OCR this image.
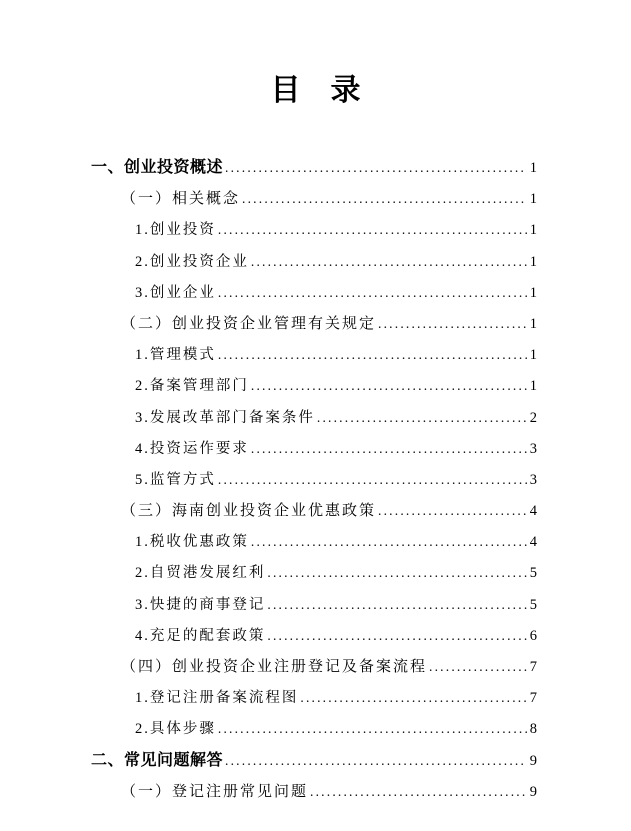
目　录
一、创业投资概述 .....	1
（一）相关概念 .....	1
1.创业投资 .....	1
2.创业投资企业 .....	1
3.创业企业 .....	1
（二）创业投资企业管理有关规定 .....	1
1.管理模式 .....	1
2.备案管理部门 .....	1
3.发展改革部门备案条件 .....	2
4.投资运作要求 .....	3
5.监管方式 .....	3
（三）海南创业投资企业优惠政策 .....	4
1.税收优惠政策 .....	4
2.自贸港发展红利 .....	5
3.快捷的商事登记 .....	5
4.充足的配套政策 .....	6
（四）创业投资企业注册登记及备案流程 .....	7
1.登记注册备案流程图 .....	7
2.具体步骤 .....	8
二、常见问题解答 .....	9
（一）登记注册常见问题 .....	9
